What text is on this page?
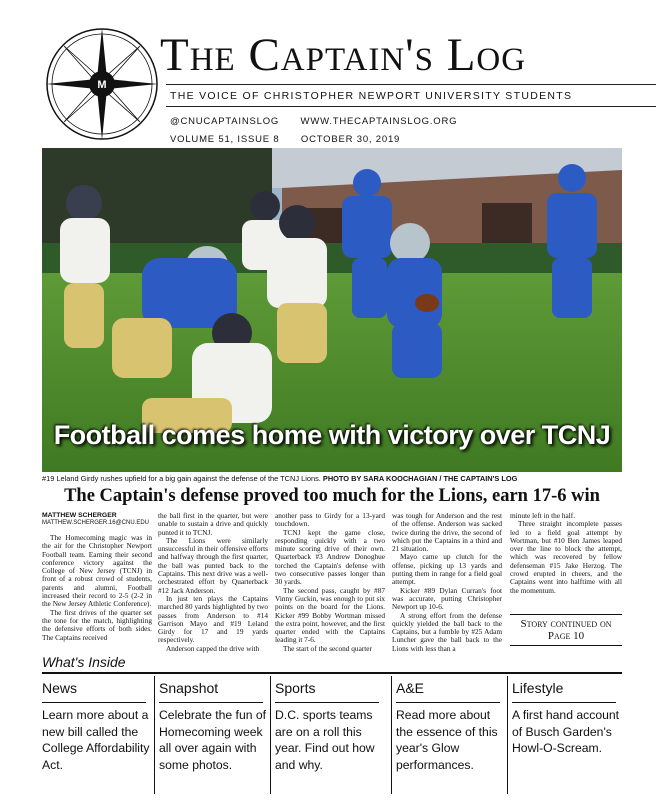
M
The Captain's Log
THE VOICE OF CHRISTOPHER NEWPORT UNIVERSITY STUDENTS
@CNUCAPTAINSLOG WWW.THECAPTAINSLOG.ORG
VOLUME 51, ISSUE 8 OCTOBER 30, 2019
Football comes home with victory over TCNJ
#19 Leland Girdy rushes upfield for a big gain against the defense of the TCNJ Lions. PHOTO BY SARA KOOCHAGIAN / THE CAPTAIN'S LOG
The Captain's defense proved too much for the Lions, earn 17-6 win
MATTHEW SCHERGER
MATTHEW.SCHERGER.16@CNU.EDU

The Homecoming magic was in the air for the Christopher Newport Football team. Earning their second conference victory against the College of New Jersey (TCNJ) in front of a robust crowd of students, parents and alumni, Football increased their record to 2-5 (2-2 in the New Jersey Athletic Conference).

The first drives of the quarter set the tone for the match, highlighting the defensive efforts of both sides. The Captains received

the ball first in the quarter, but were unable to sustain a drive and quickly punted it to TCNJ.

The Lions were similarly unsuccessful in their offensive efforts and halfway through the first quarter, the ball was punted back to the Captains. This next drive was a well-orchestrated effort by Quarterback #12 Jack Anderson.

In just ten plays the Captains marched 80 yards highlighted by two passes from Anderson to #14 Garrison Mayo and #19 Leland Girdy for 17 and 19 yards respectively.

Anderson capped the drive with

another pass to Girdy for a 13-yard touchdown.

TCNJ kept the game close, responding quickly with a two minute scoring drive of their own. Quarterback #3 Andrew Donoghue torched the Captain's defense with two consecutive passes longer than 30 yards.

The second pass, caught by #87 Vinny Guckin, was enough to put six points on the board for the Lions. Kicker #99 Bobby Wortman missed the extra point, however, and the first quarter ended with the Captains leading it 7-6.

The start of the second quarter

was tough for Anderson and the rest of the offense. Anderson was sacked twice during the drive, the second of which put the Captains in a third and 21 situation.

Mayo came up clutch for the offense, picking up 13 yards and putting them in range for a field goal attempt.

Kicker #89 Dylan Curran's foot was accurate, putting Christopher Newport up 10-6.

A strong effort from the defense quickly yielded the ball back to the Captains, but a fumble by #25 Adam Luncher gave the ball back to the Lions with less than a

minute left in the half.

Three straight incomplete passes led to a field goal attempt by Wortman, but #10 Ben James leaped over the line to block the attempt, which was recovered by fellow defenseman #15 Jake Herzog. The crowd erupted in cheers, and the Captains went into halftime with all the momentum.

Story continued on Page 10
What's Inside
News
Learn more about a new bill called the College Affordability Act.
Snapshot
Celebrate the fun of Homecoming week all over again with some photos.
Sports
D.C. sports teams are on a roll this year. Find out how and why.
A&E
Read more about the essence of this year's Glow performances.
Lifestyle
A first hand account of Busch Garden's Howl-O-Scream.
